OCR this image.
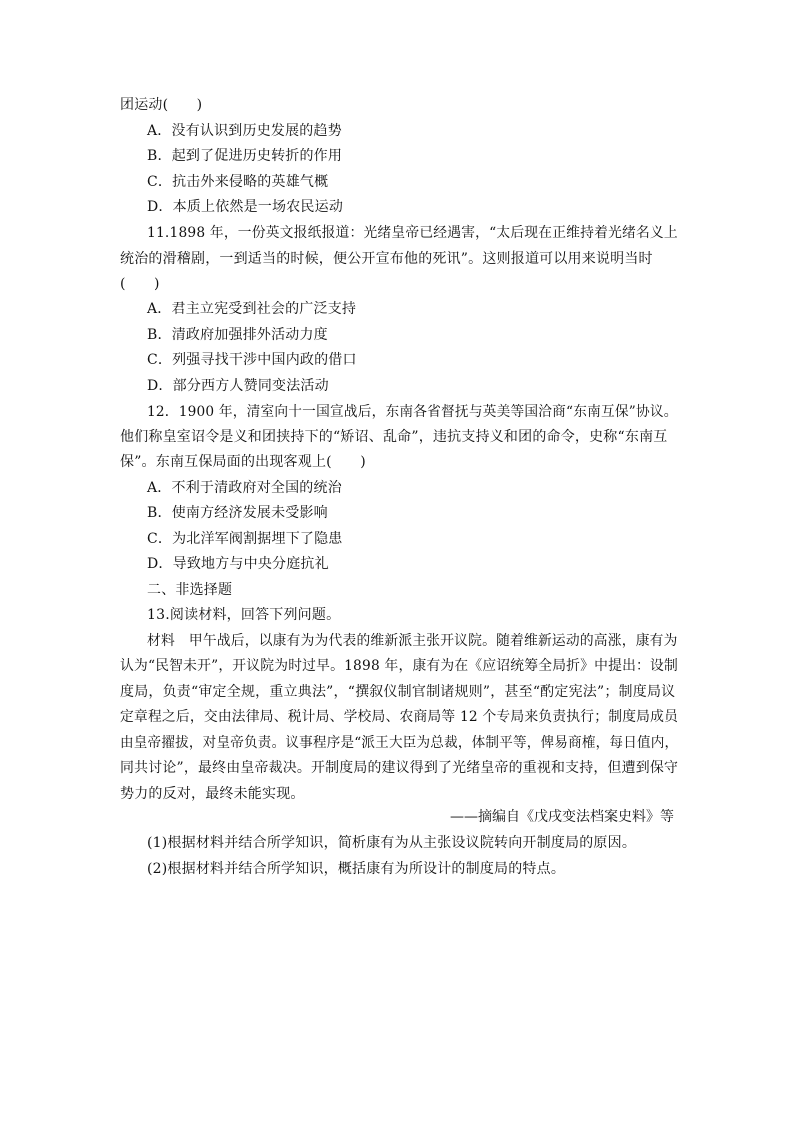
团运动(　　)
A．没有认识到历史发展的趋势
B．起到了促进历史转折的作用
C．抗击外来侵略的英雄气概
D．本质上依然是一场农民运动
11.1898 年，一份英文报纸报道：光绪皇帝已经遇害，“太后现在正维持着光绪名义上
统治的滑稽剧，一到适当的时候，便公开宣布他的死讯”。这则报道可以用来说明当时
(　　)
A．君主立宪受到社会的广泛支持
B．清政府加强排外活动力度
C．列强寻找干涉中国内政的借口
D．部分西方人赞同变法活动
12．1900 年，清室向十一国宣战后，东南各省督抚与英美等国洽商“东南互保”协议。
他们称皇室诏令是义和团挟持下的“矫诏、乱命”，违抗支持义和团的命令，史称“东南互
保”。东南互保局面的出现客观上(　　)
A．不利于清政府对全国的统治
B．使南方经济发展未受影响
C．为北洋军阀割据埋下了隐患
D．导致地方与中央分庭抗礼
二、非选择题
13.阅读材料，回答下列问题。
材料　甲午战后，以康有为为代表的维新派主张开议院。随着维新运动的高涨，康有为
认为“民智未开”，开议院为时过早。1898 年，康有为在《应诏统筹全局折》中提出：设制
度局，负责“审定全规，重立典法”，“撰叙仪制官制诸规则”，甚至“酌定宪法”；制度局议
定章程之后，交由法律局、税计局、学校局、农商局等 12 个专局来负责执行；制度局成员
由皇帝擢拔，对皇帝负责。议事程序是“派王大臣为总裁，体制平等，俾易商榷，每日值内，
同共讨论”，最终由皇帝裁决。开制度局的建议得到了光绪皇帝的重视和支持，但遭到保守
势力的反对，最终未能实现。
——摘编自《戊戌变法档案史料》等
(1)根据材料并结合所学知识，简析康有为从主张设议院转向开制度局的原因。
(2)根据材料并结合所学知识，概括康有为所设计的制度局的特点。
